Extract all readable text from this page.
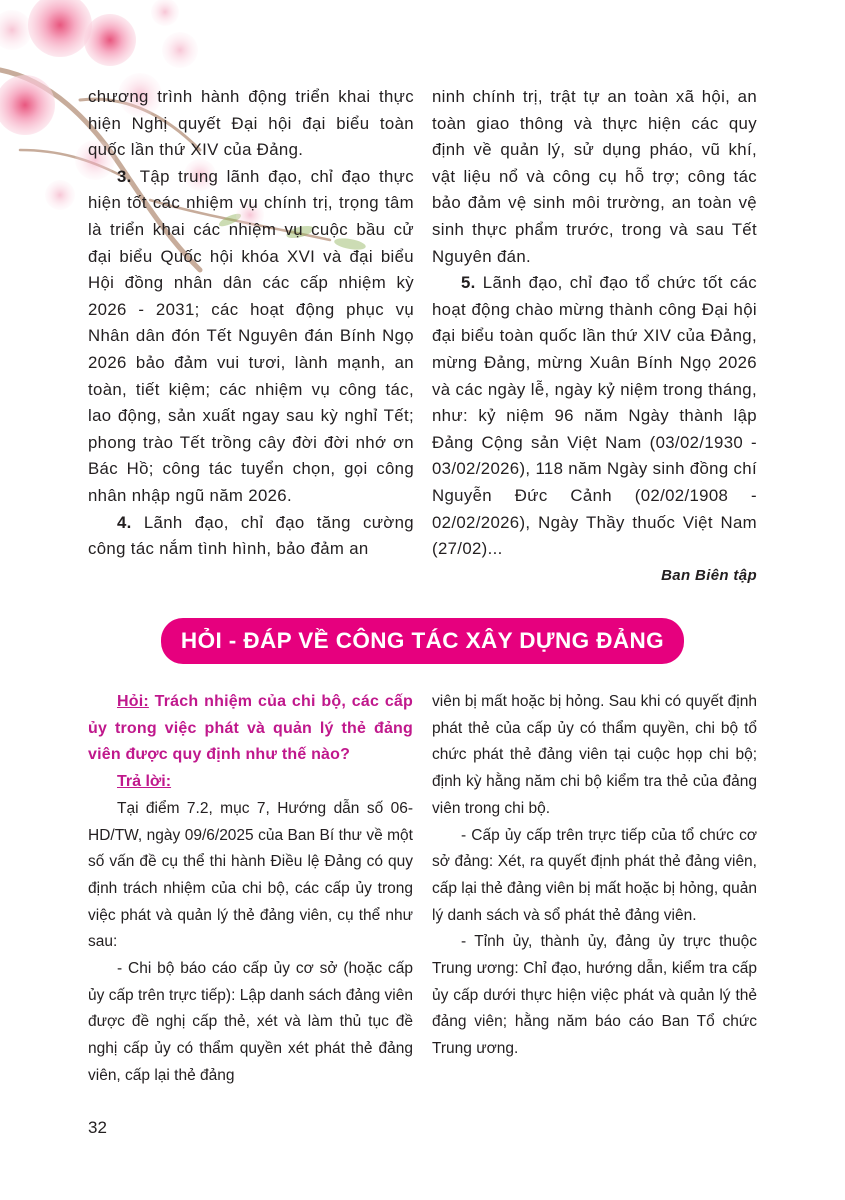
chương trình hành động triển khai thực hiện Nghị quyết Đại hội đại biểu toàn quốc lần thứ XIV của Đảng.

3. Tập trung lãnh đạo, chỉ đạo thực hiện tốt các nhiệm vụ chính trị, trọng tâm là triển khai các nhiệm vụ cuộc bầu cử đại biểu Quốc hội khóa XVI và đại biểu Hội đồng nhân dân các cấp nhiệm kỳ 2026 - 2031; các hoạt động phục vụ Nhân dân đón Tết Nguyên đán Bính Ngọ 2026 bảo đảm vui tươi, lành mạnh, an toàn, tiết kiệm; các nhiệm vụ công tác, lao động, sản xuất ngay sau kỳ nghỉ Tết; phong trào Tết trồng cây đời đời nhớ ơn Bác Hồ; công tác tuyển chọn, gọi công nhân nhập ngũ năm 2026.

4. Lãnh đạo, chỉ đạo tăng cường công tác nắm tình hình, bảo đảm an

ninh chính trị, trật tự an toàn xã hội, an toàn giao thông và thực hiện các quy định về quản lý, sử dụng pháo, vũ khí, vật liệu nổ và công cụ hỗ trợ; công tác bảo đảm vệ sinh môi trường, an toàn vệ sinh thực phẩm trước, trong và sau Tết Nguyên đán.

5. Lãnh đạo, chỉ đạo tổ chức tốt các hoạt động chào mừng thành công Đại hội đại biểu toàn quốc lần thứ XIV của Đảng, mừng Đảng, mừng Xuân Bính Ngọ 2026 và các ngày lễ, ngày kỷ niệm trong tháng, như: kỷ niệm 96 năm Ngày thành lập Đảng Cộng sản Việt Nam (03/02/1930 - 03/02/2026), 118 năm Ngày sinh đồng chí Nguyễn Đức Cảnh (02/02/1908 - 02/02/2026), Ngày Thầy thuốc Việt Nam (27/02)...

Ban Biên tập

HỎI - ĐÁP VỀ CÔNG TÁC XÂY DỰNG ĐẢNG

Hỏi: Trách nhiệm của chi bộ, các cấp ủy trong việc phát và quản lý thẻ đảng viên được quy định như thế nào?

Trả lời:

Tại điểm 7.2, mục 7, Hướng dẫn số 06-HD/TW, ngày 09/6/2025 của Ban Bí thư về một số vấn đề cụ thể thi hành Điều lệ Đảng có quy định trách nhiệm của chi bộ, các cấp ủy trong việc phát và quản lý thẻ đảng viên, cụ thể như sau:

- Chi bộ báo cáo cấp ủy cơ sở (hoặc cấp ủy cấp trên trực tiếp): Lập danh sách đảng viên được đề nghị cấp thẻ, xét và làm thủ tục đề nghị cấp ủy có thẩm quyền xét phát thẻ đảng viên, cấp lại thẻ đảng

viên bị mất hoặc bị hỏng. Sau khi có quyết định phát thẻ của cấp ủy có thẩm quyền, chi bộ tổ chức phát thẻ đảng viên tại cuộc họp chi bộ; định kỳ hằng năm chi bộ kiểm tra thẻ của đảng viên trong chi bộ.

- Cấp ủy cấp trên trực tiếp của tổ chức cơ sở đảng: Xét, ra quyết định phát thẻ đảng viên, cấp lại thẻ đảng viên bị mất hoặc bị hỏng, quản lý danh sách và sổ phát thẻ đảng viên.

- Tỉnh ủy, thành ủy, đảng ủy trực thuộc Trung ương: Chỉ đạo, hướng dẫn, kiểm tra cấp ủy cấp dưới thực hiện việc phát và quản lý thẻ đảng viên; hằng năm báo cáo Ban Tổ chức Trung ương.

32
